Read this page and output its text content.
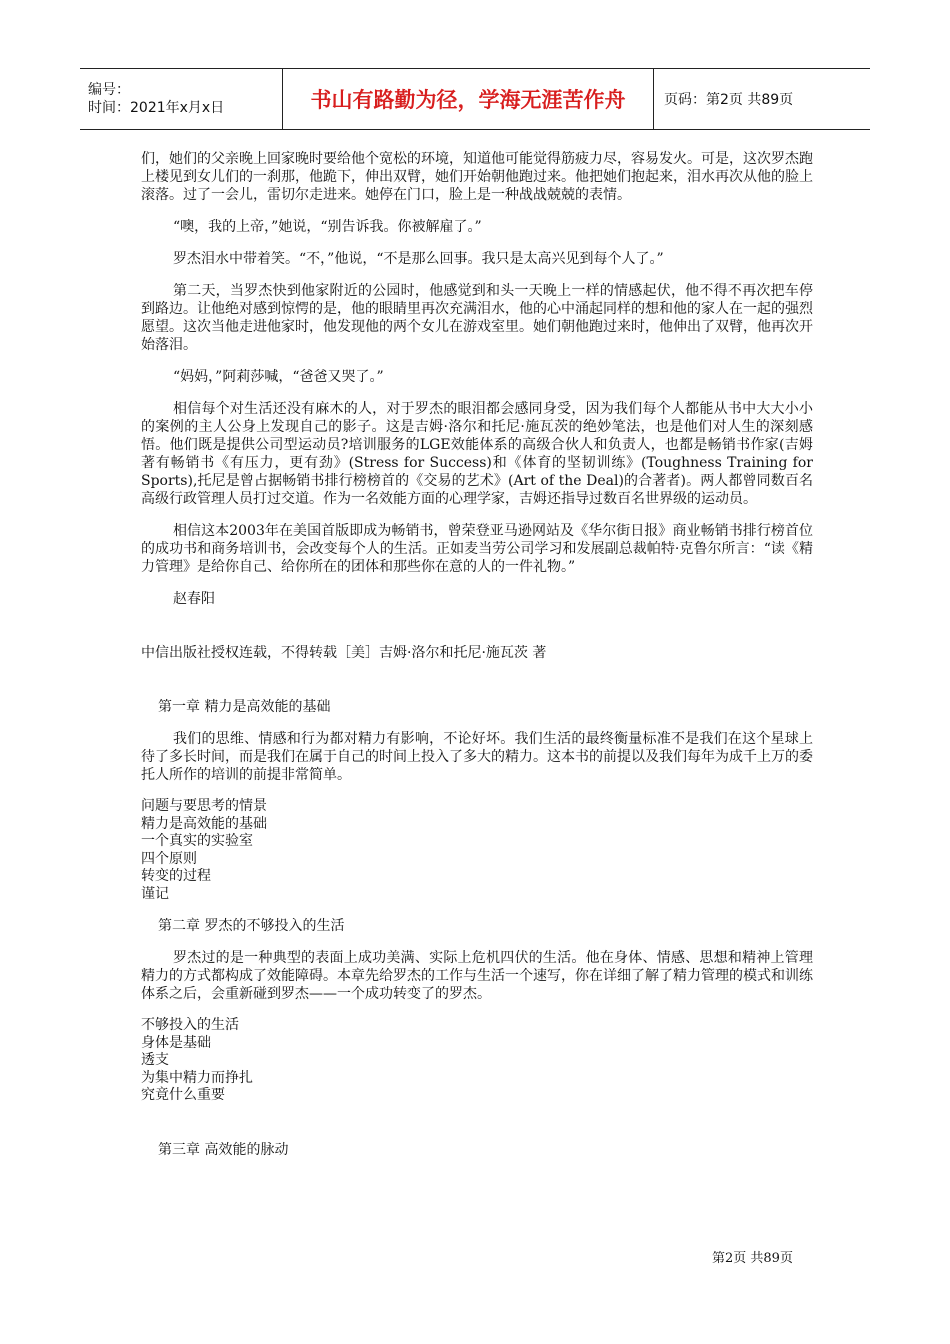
编号：
时间：2021年x月x日	书山有路勤为径，学海无涯苦作舟	页码：第2页 共89页

们，她们的父亲晚上回家晚时要给他个宽松的环境，知道他可能觉得筋疲力尽，容易发火。可是，这次罗杰跑上楼见到女儿们的一刹那，他跪下，伸出双臂，她们开始朝他跑过来。他把她们抱起来，泪水再次从他的脸上滚落。过了一会儿，雷切尔走进来。她停在门口，脸上是一种战战兢兢的表情。

“噢，我的上帝，”她说，“别告诉我。你被解雇了。”

罗杰泪水中带着笑。“不，”他说，“不是那么回事。我只是太高兴见到每个人了。”

第二天，当罗杰快到他家附近的公园时，他感觉到和头一天晚上一样的情感起伏，他不得不再次把车停到路边。让他绝对感到惊愕的是，他的眼睛里再次充满泪水，他的心中涌起同样的想和他的家人在一起的强烈愿望。这次当他走进他家时，他发现他的两个女儿在游戏室里。她们朝他跑过来时，他伸出了双臂，他再次开始落泪。

“妈妈，”阿莉莎喊，“爸爸又哭了。”

相信每个对生活还没有麻木的人，对于罗杰的眼泪都会感同身受，因为我们每个人都能从书中大大小小的案例的主人公身上发现自己的影子。这是吉姆·洛尔和托尼·施瓦茨的绝妙笔法，也是他们对人生的深刻感悟。他们既是提供公司型运动员?培训服务的LGE效能体系的高级合伙人和负责人，也都是畅销书作家(吉姆著有畅销书《有压力，更有劲》(Stress for Success)和《体育的坚韧训练》(Toughness Training for Sports),托尼是曾占据畅销书排行榜榜首的《交易的艺术》(Art of the Deal)的合著者)。两人都曾同数百名高级行政管理人员打过交道。作为一名效能方面的心理学家，吉姆还指导过数百名世界级的运动员。

相信这本2003年在美国首版即成为畅销书，曾荣登亚马逊网站及《华尔街日报》商业畅销书排行榜首位的成功书和商务培训书，会改变每个人的生活。正如麦当劳公司学习和发展副总裁帕特·克鲁尔所言：“读《精力管理》是给你自己、给你所在的团体和那些你在意的人的一件礼物。”

赵春阳

中信出版社授权连载，不得转载［美］吉姆·洛尔和托尼·施瓦茨 著

第一章 精力是高效能的基础

我们的思维、情感和行为都对精力有影响，不论好坏。我们生活的最终衡量标准不是我们在这个星球上待了多长时间，而是我们在属于自己的时间上投入了多大的精力。这本书的前提以及我们每年为成千上万的委托人所作的培训的前提非常简单。

问题与要思考的情景
精力是高效能的基础
一个真实的实验室
四个原则
转变的过程
谨记

第二章 罗杰的不够投入的生活

罗杰过的是一种典型的表面上成功美满、实际上危机四伏的生活。他在身体、情感、思想和精神上管理精力的方式都构成了效能障碍。本章先给罗杰的工作与生活一个速写，你在详细了解了精力管理的模式和训练体系之后，会重新碰到罗杰——一个成功转变了的罗杰。

不够投入的生活
身体是基础
透支
为集中精力而挣扎
究竟什么重要

第三章 高效能的脉动

第2页 共89页
